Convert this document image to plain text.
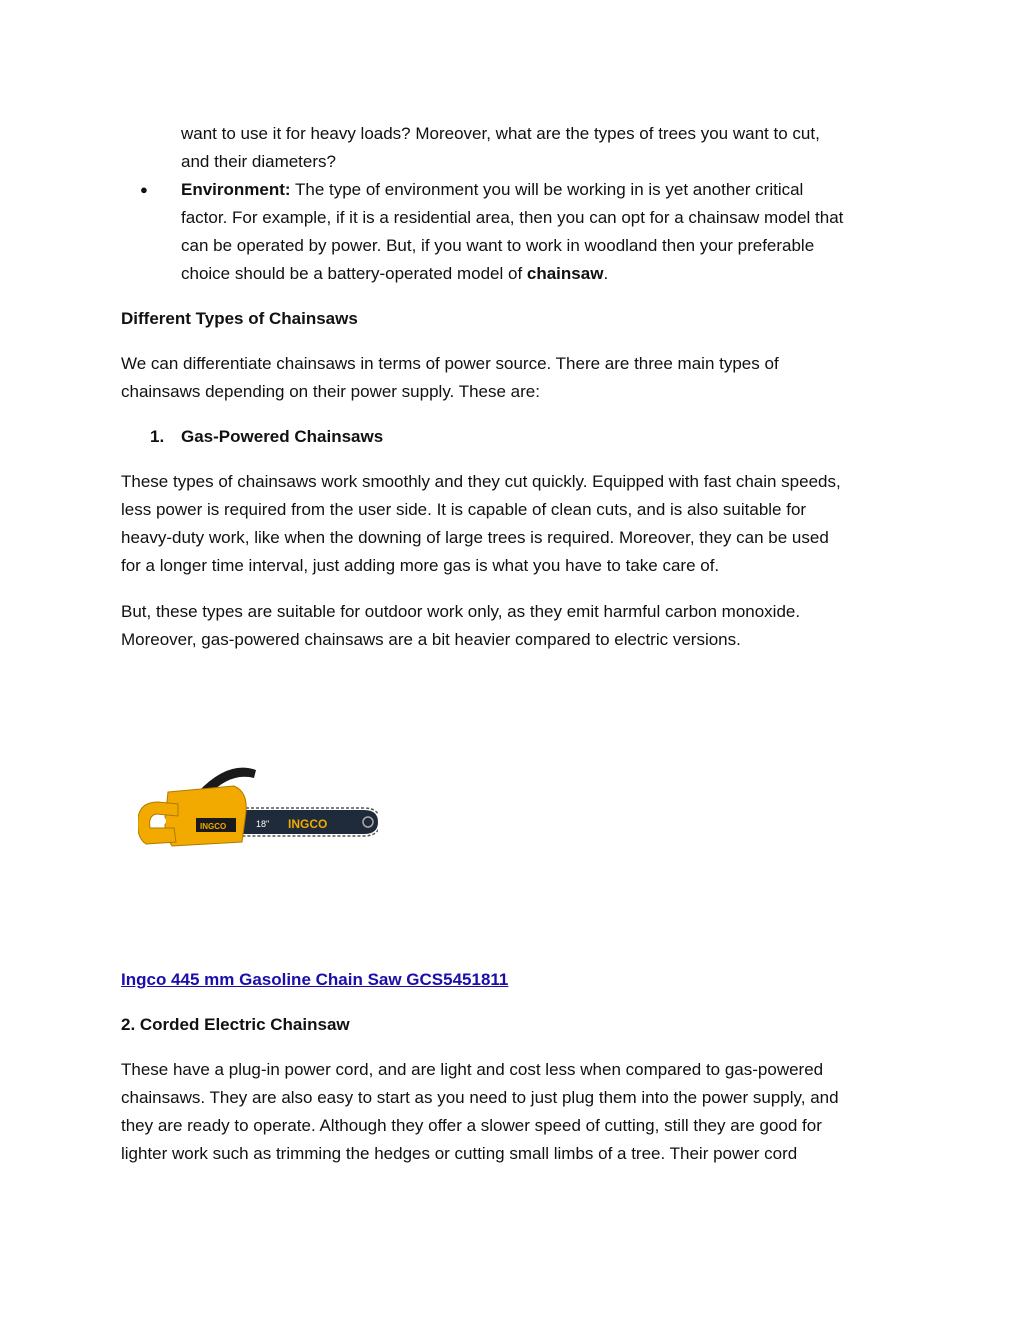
want to use it for heavy loads? Moreover, what are the types of trees you want to cut,
and their diameters?
● Environment: The type of environment you will be working in is yet another critical
factor. For example, if it is a residential area, then you can opt for a chainsaw model that
can be operated by power. But, if you want to work in woodland then your preferable
choice should be a battery-operated model of chainsaw.
Different Types of Chainsaws
We can differentiate chainsaws in terms of power source. There are three main types of
chainsaws depending on their power supply. These are:
1. Gas-Powered Chainsaws
These types of chainsaws work smoothly and they cut quickly. Equipped with fast chain speeds,
less power is required from the user side. It is capable of clean cuts, and is also suitable for
heavy-duty work, like when the downing of large trees is required. Moreover, they can be used
for a longer time interval, just adding more gas is what you have to take care of.
But, these types are suitable for outdoor work only, as they emit harmful carbon monoxide.
Moreover, gas-powered chainsaws are a bit heavier compared to electric versions.
18" INGCO
INGCO
Ingco 445 mm Gasoline Chain Saw GCS5451811
2. Corded Electric Chainsaw
These have a plug-in power cord, and are light and cost less when compared to gas-powered
chainsaws. They are also easy to start as you need to just plug them into the power supply, and
they are ready to operate. Although they offer a slower speed of cutting, still they are good for
lighter work such as trimming the hedges or cutting small limbs of a tree. Their power cord
